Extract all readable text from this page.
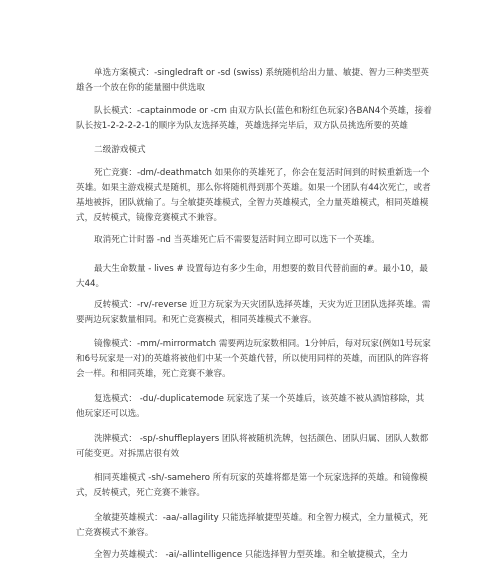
单选方案模式：-singledraft or -sd (swiss) 系统随机给出力量、敏捷、智力三种类型英雄各一个放在你的能量圈中供选取

队长模式：-captainmode or -cm 由双方队长(蓝色和粉红色玩家)各BAN4个英雄，接着队长按1-2-2-2-2-1的顺序为队友选择英雄，英雄选择完毕后，双方队员挑选所要的英雄

二级游戏模式

死亡竞赛：-dm/-deathmatch 如果你的英雄死了，你会在复活时间到的时候重新选一个英雄。如果主游戏模式是随机，那么你将随机得到那个英雄。如果一个团队有44次死亡，或者基地被拆，团队就输了。与全敏捷英雄模式，全智力英雄模式，全力量英雄模式，相同英雄模式，反转模式，镜像竞赛模式不兼容。

取消死亡计时器 -nd 当英雄死亡后不需要复活时间立即可以选下一个英雄。

最大生命数量 - lives # 设置每边有多少生命，用想要的数目代替前面的#。最小10，最大44。

反转模式：-rv/-reverse 近卫方玩家为天灾团队选择英雄，天灾为近卫团队选择英雄。需要两边玩家数量相同。和死亡竞赛模式，相同英雄模式不兼容。

镜像模式：-mm/-mirrormatch 需要两边玩家数相同。1分钟后，每对玩家(例如1号玩家和6号玩家是一对)的英雄将被他们中某一个英雄代替，所以使用同样的英雄，而团队的阵容将会一样。和相同英雄，死亡竞赛不兼容。

复选模式： -du/-duplicatemode 玩家选了某一个英雄后，该英雄不被从酒馆移除，其他玩家还可以选。

洗牌模式： -sp/-shuffleplayers 团队将被随机洗牌，包括颜色、团队归属、团队人数都可能变更。对拆黑店很有效

相同英雄模式 -sh/-samehero 所有玩家的英雄将都是第一个玩家选择的英雄。和镜像模式，反转模式，死亡竞赛不兼容。

全敏捷英雄模式：-aa/-allagility 只能选择敏捷型英雄。和全智力模式，全力量模式，死亡竞赛模式不兼容。

全智力英雄模式： -ai/-allintelligence 只能选择智力型英雄。和全敏捷模式，全力
